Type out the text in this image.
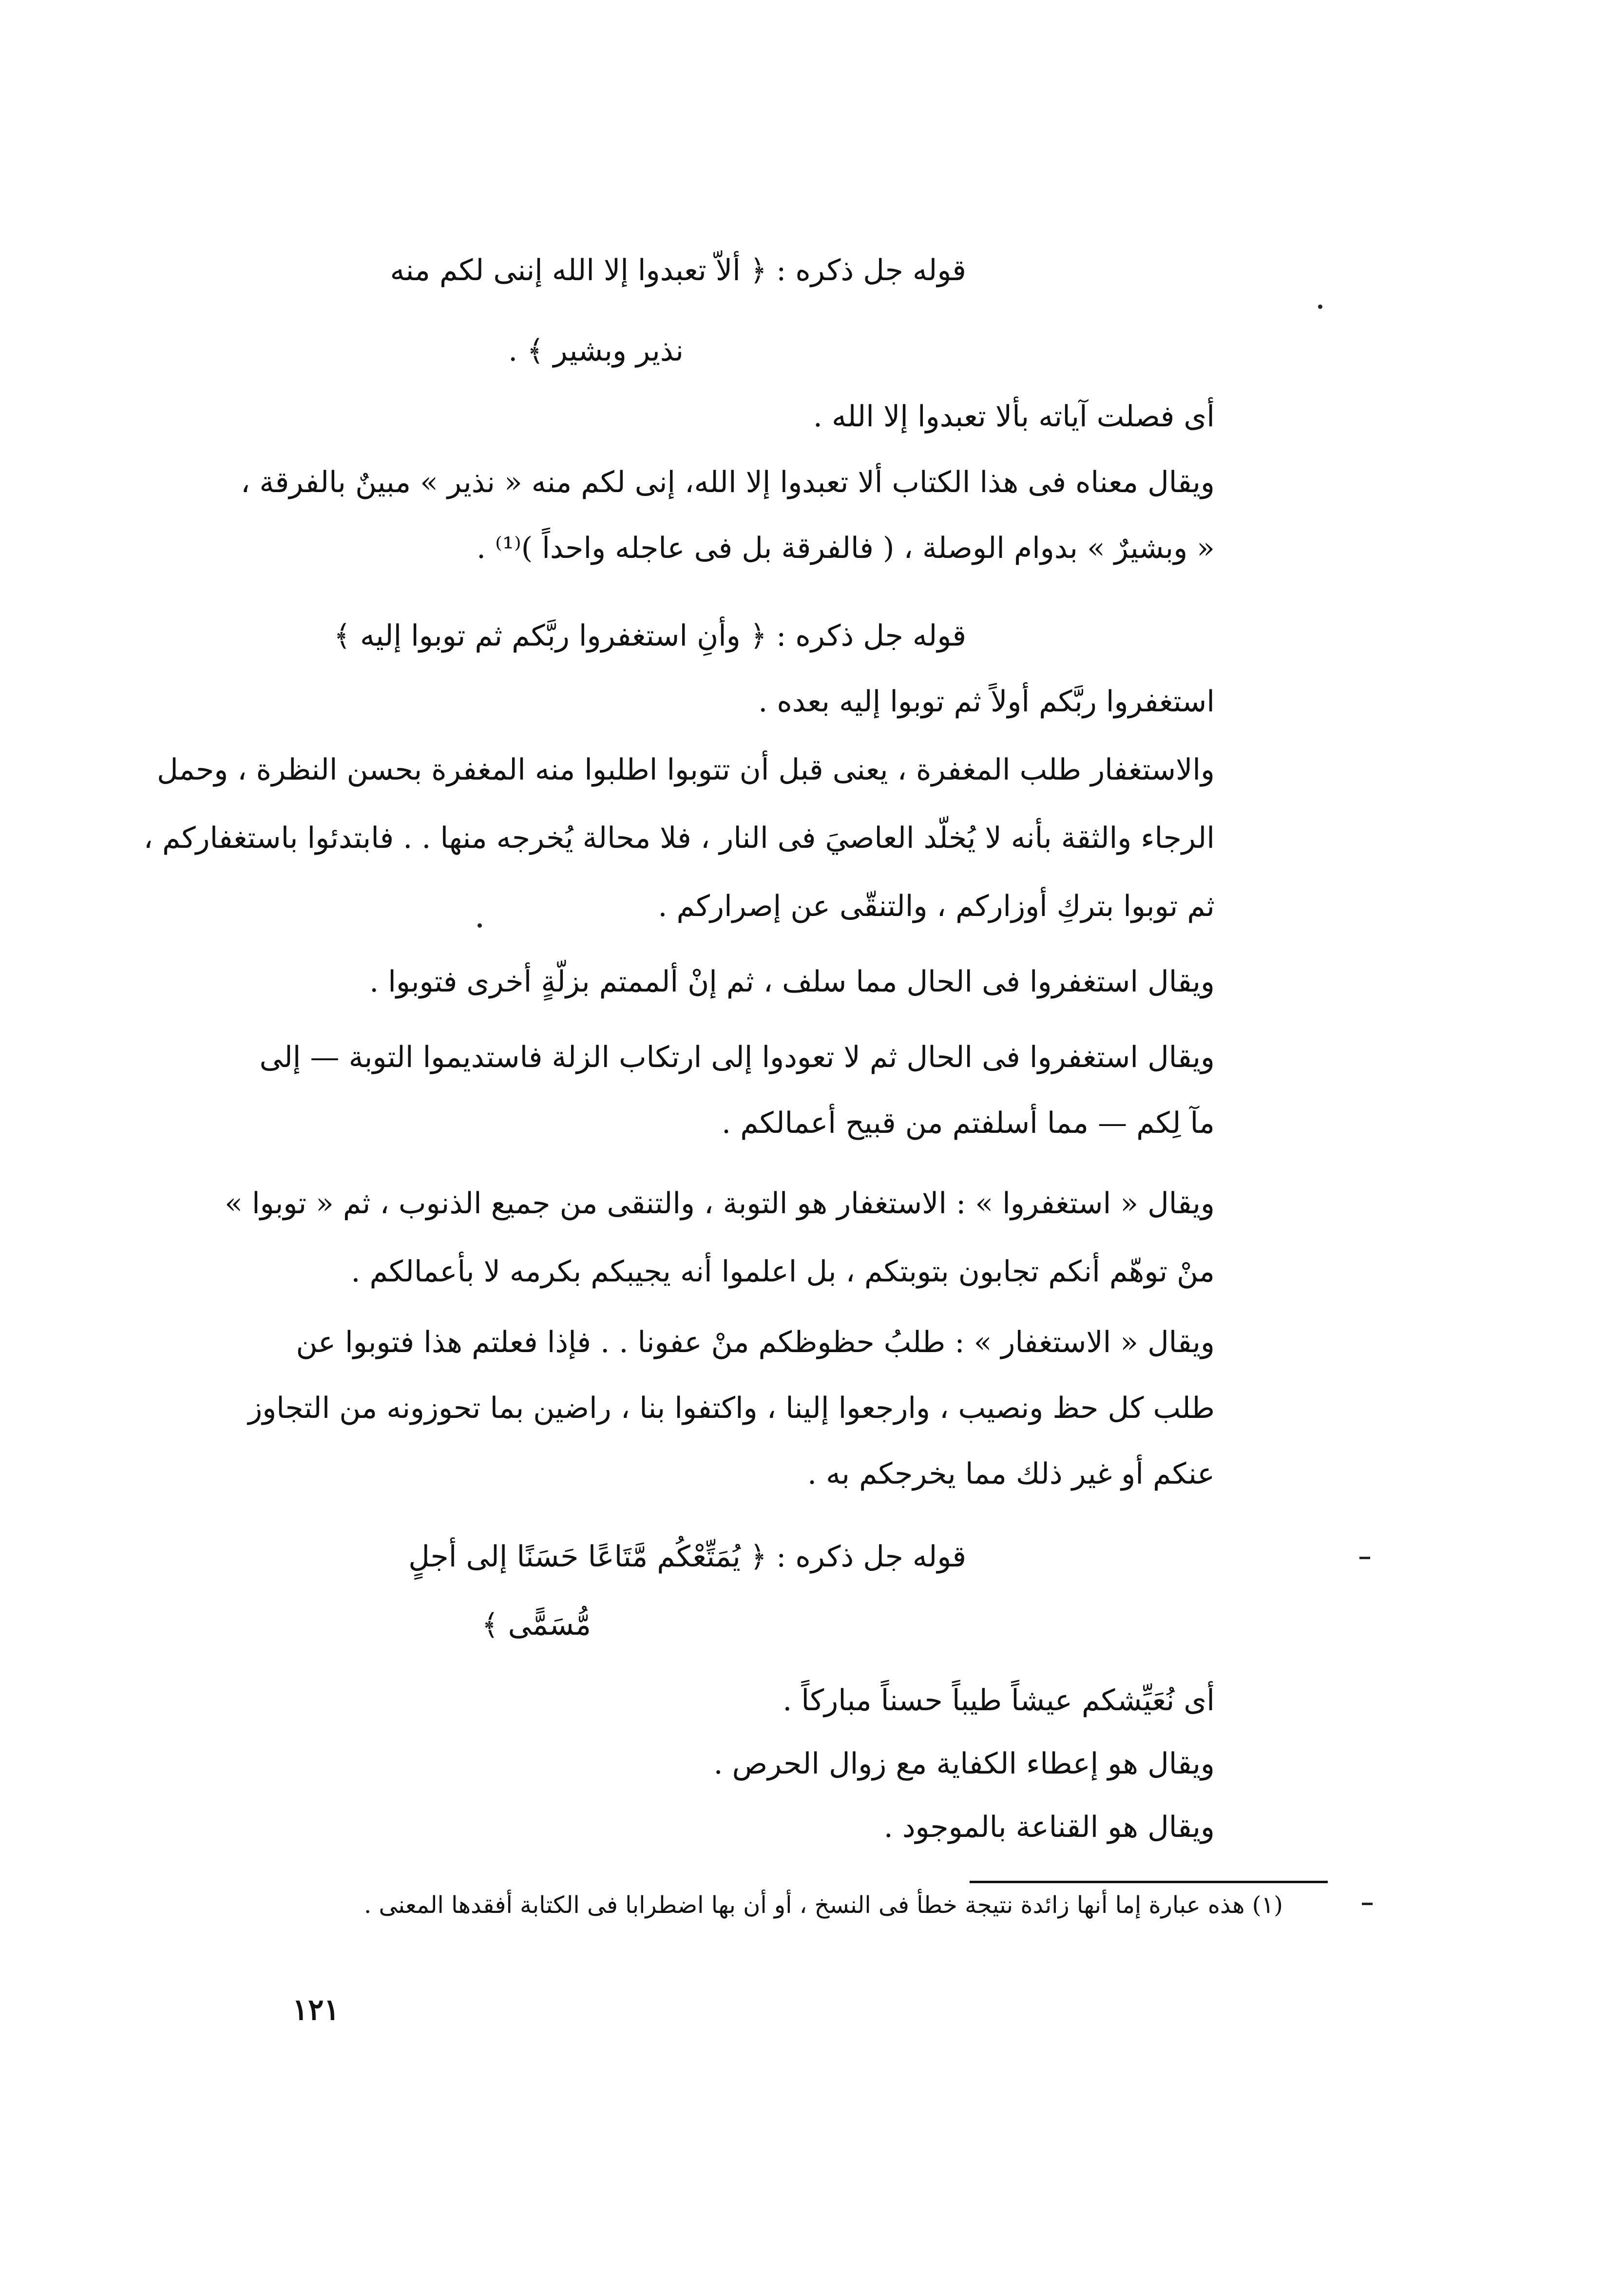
قوله جل ذكره : ﴿ ألاّ تعبدوا إلا الله إننى لكم منه

نذير وبشير ﴾ .

أى فصلت آياته بألا تعبدوا إلا الله .

ويقال معناه فى هذا الكتاب ألا تعبدوا إلا الله، إنى لكم منه « نذير » مبينٌ بالفرقة ،

« وبشيرٌ » بدوام الوصلة ، ( فالفرقة بل فى عاجله واحداً )⁽¹⁾ .

قوله جل ذكره : ﴿ وأنِ استغفروا ربَّكم ثم توبوا إليه ﴾

استغفروا ربَّكم أولاً ثم توبوا إليه بعده .

والاستغفار طلب المغفرة ، يعنى قبل أن تتوبوا اطلبوا منه المغفرة بحسن النظرة ، وحمل

الرجاء والثقة بأنه لا يُخلّد العاصيَ فى النار ، فلا محالة يُخرجه منها . . فابتدئوا باستغفاركم ،

ثم توبوا بتركِ أوزاركم ، والتنقّى عن إصراركم .

ويقال استغفروا فى الحال مما سلف ، ثم إنْ ألممتم بزلّةٍ أخرى فتوبوا .

ويقال استغفروا فى الحال ثم لا تعودوا إلى ارتكاب الزلة فاستديموا التوبة — إلى

مآ لِكم — مما أسلفتم من قبيح أعمالكم .

ويقال « استغفروا » : الاستغفار هو التوبة ، والتنقى من جميع الذنوب ، ثم « توبوا »

منْ توهّم أنكم تجابون بتوبتكم ، بل اعلموا أنه يجيبكم بكرمه لا بأعمالكم .

ويقال « الاستغفار » : طلبُ حظوظكم منْ عفونا . . فإذا فعلتم هذا فتوبوا عن

طلب كل حظ ونصيب ، وارجعوا إلينا ، واكتفوا بنا ، راضين بما تحوزونه من التجاوز

عنكم أو غير ذلك مما يخرجكم به .

قوله جل ذكره : ﴿ يُمَتِّعْكُم مَّتَاعًا حَسَنًا إلى أجلٍ

مُّسَمًّى ﴾

أى نُعَيِّشكم عيشاً طيباً حسناً مباركاً .

ويقال هو إعطاء الكفاية مع زوال الحرص .

ويقال هو القناعة بالموجود .

(١) هذه عبارة إما أنها زائدة نتيجة خطأ فى النسخ ، أو أن بها اضطرابا فى الكتابة أفقدها المعنى .

١٢١
